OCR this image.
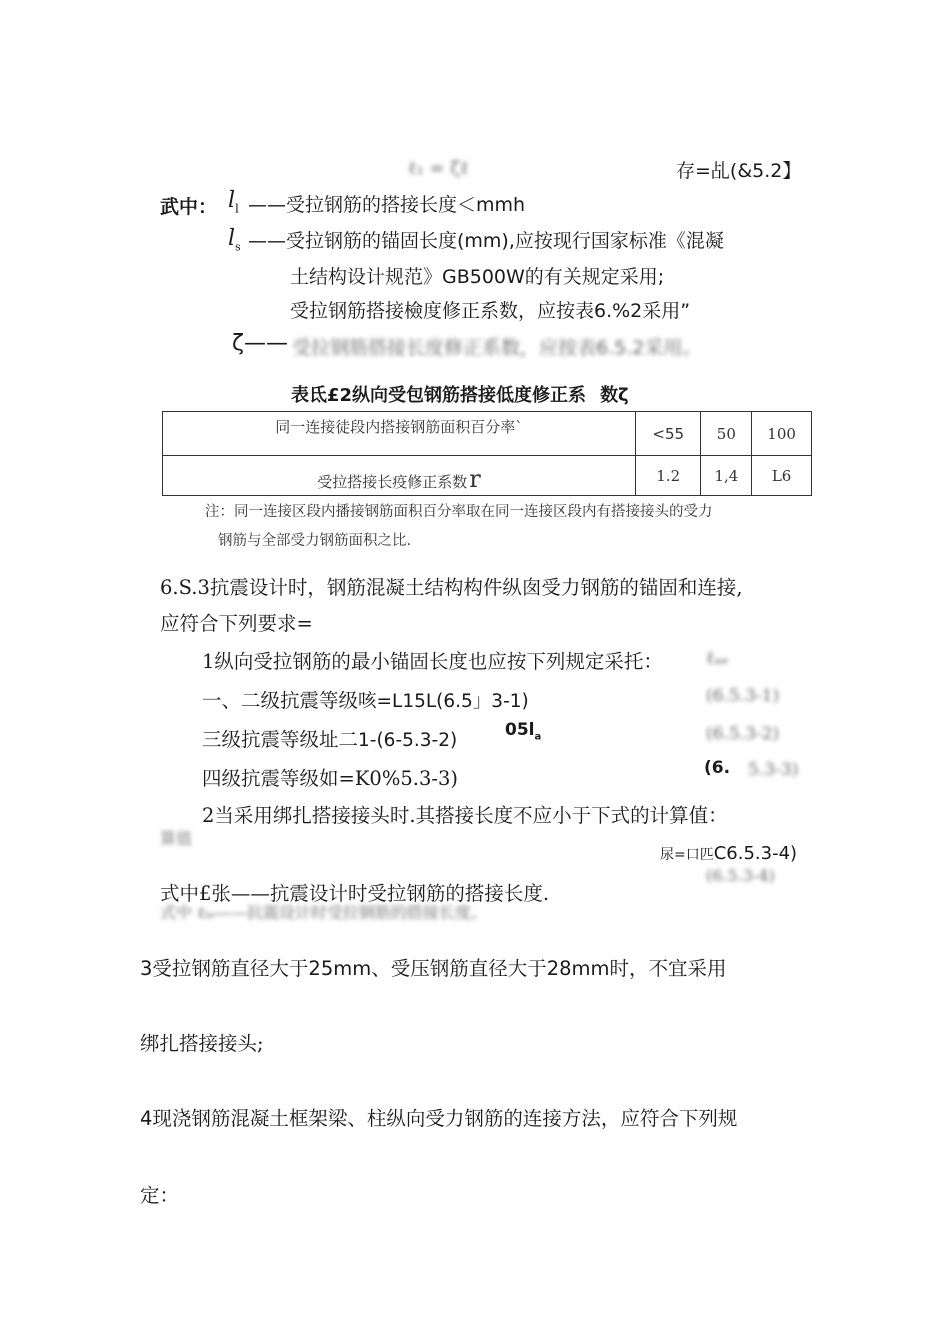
存=乩(&5.2】
ℓ₁ = ζℓ
武中： $l_l$ ——受拉钢筋的搭接长度＜mmh
$l_s$ ——受拉钢筋的锚固长度(mm),应按现行国家标准《混凝
土结构设计规范》GB500W的有关规定采用;
受拉钢筋搭接檢度修正系数，应按表6.%2采用”
ζ—— 受拉钢筋搭接长度修正系数，应按表6.5.2采用。
表氐£2纵向受包钢筋搭接低度修正系 数ζ
同一连接徒段内搭接钢筋面积百分率`	<55	50	100
受拉搭接长疫修正系数r	1.2	1,4	L6
注：同一连接区段内播接钢筋面积百分率取在同一连接区段内有搭接接头的受力
钢筋与全部受力钢筋面积之比.
6.S.3抗震设计时，钢筋混凝土结构构件纵囱受力钢筋的锚固和连接,
应符合下列要求=
1纵向受拉钢筋的最小锚固长度也应按下列规定采托： ℓₐₑ
一、二级抗震等级咳=L15L(6.5」3-1)	(6.5.3-1)
三级抗震等级址二1-(6-5.3-2)	$05l_a$	(6.5.3-2)
四级抗震等级如=K0%5.3-3)	(6. 5.3-3)
2当采用绑扎搭接接头时.其搭接长度不应小于下式的计算值：
算值
尿=口匹C6.5.3-4)
(6.5.3-4)
式中£张——抗震设计时受拉钢筋的搭接长度.
式中 ℓₗₑ——抗震设计时受拉钢筋的搭接长度。
3受拉钢筋直径大于25mm、受压钢筋直径大于28mm时，不宜采用
绑扎搭接接头;
4现浇钢筋混凝土框架梁、柱纵向受力钢筋的连接方法，应符合下列规
定：
